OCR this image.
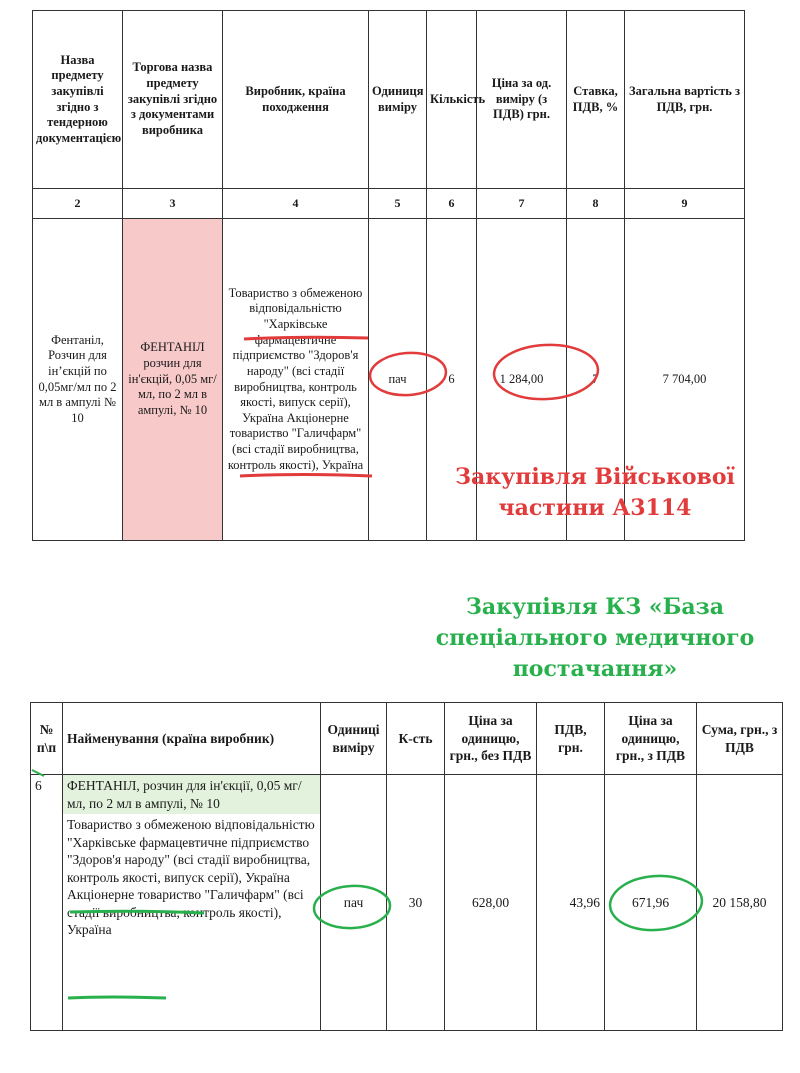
Назва предмету закупівлі згідно з тендерною документацією	Торгова назва предмету закупівлі згідно з документами виробника	Виробник, країна походження	Одиниця виміру	Кількість	Ціна за од. виміру (з ПДВ) грн.	Ставка, ПДВ, %	Загальна вартість з ПДВ, грн.
2	3	4	5	6	7	8	9
Фентаніл, Розчин для ін’єкцій по 0,05мг/мл по 2 мл в ампулі № 10	ФЕНТАНІЛ розчин для ін'єкцій, 0,05 мг/мл, по 2 мл в ампулі, № 10	Товариство з обмеженою відповідальністю "Харківське фармацевтичне підприємство "Здоров'я народу" (всі стадії виробництва, контроль якості, випуск серії), Україна Акціонерне товариство "Галичфарм" (всі стадії виробництва, контроль якості), Україна	пач	6	1 284,00	7	7 704,00
Закупівля Військової частини А3114
Закупівля КЗ «База спеціального медичного постачання»
№ п\п	Найменування (країна виробник)	Одиниці виміру	К-сть	Ціна за одиницю, грн., без ПДВ	ПДВ, грн.	Ціна за одиницю, грн., з ПДВ	Сума, грн., з ПДВ
6	ФЕНТАНІЛ, розчин для ін'єкції, 0,05 мг/мл, по 2 мл в ампулі, № 10
Товариство з обмеженою відповідальністю "Харківське фармацевтичне підприємство "Здоров'я народу" (всі стадії виробництва, контроль якості, випуск серії), Україна Акціонерне товариство "Галичфарм" (всі стадії виробництва, контроль якості), Україна	пач	30	628,00	43,96	671,96	20 158,80
